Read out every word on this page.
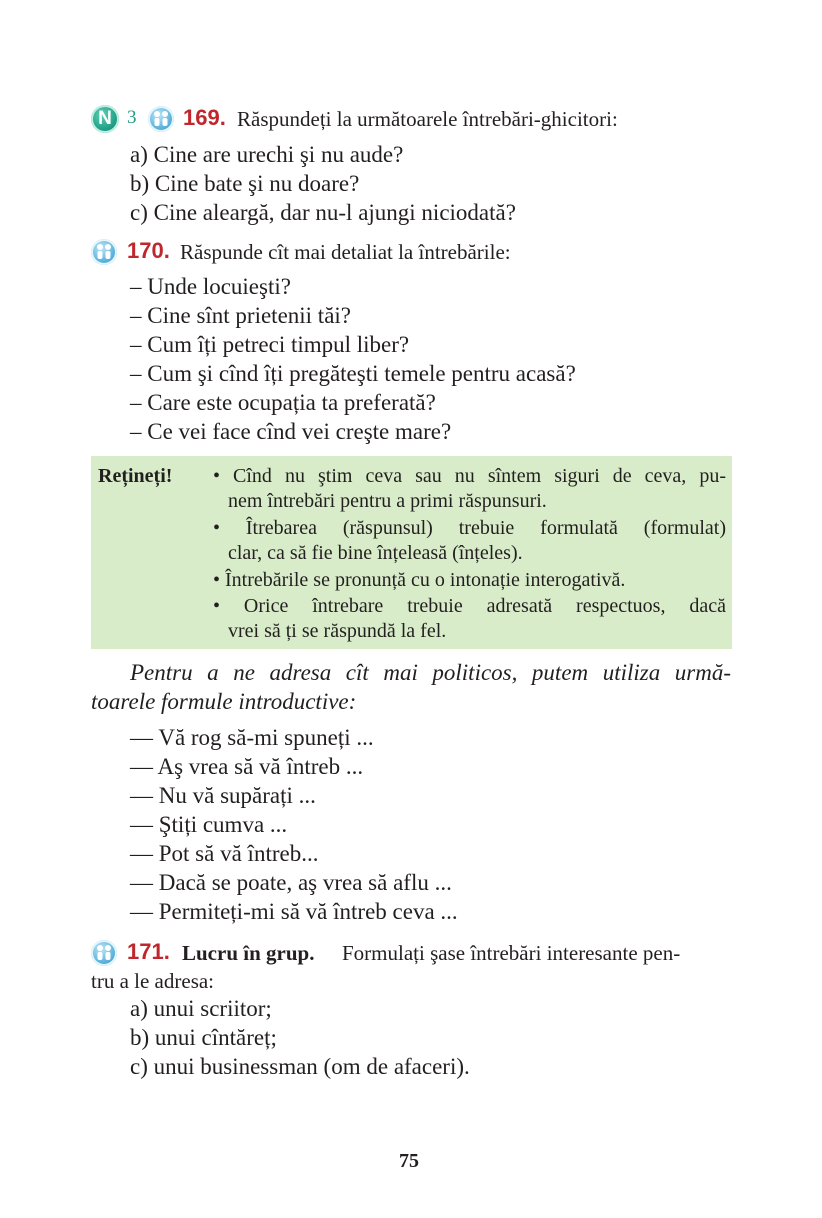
N 3 169. Răspundeți la următoarele întrebări-ghicitori:
a) Cine are urechi şi nu aude?
b) Cine bate şi nu doare?
c) Cine aleargă, dar nu-l ajungi niciodată?
170. Răspunde cît mai detaliat la întrebările:
– Unde locuieşti?
– Cine sînt prietenii tăi?
– Cum îți petreci timpul liber?
– Cum şi cînd îți pregăteşti temele pentru acasă?
– Care este ocupația ta preferată?
– Ce vei face cînd vei creşte mare?
Rețineți! • Cînd nu ştim ceva sau nu sîntem siguri de ceva, pu-
nem întrebări pentru a primi răspunsuri.
• Îtrebarea (răspunsul) trebuie formulată (formulat)
clar, ca să fie bine înțeleasă (înțeles).
• Întrebările se pronunță cu o intonație interogativă.
• Orice întrebare trebuie adresată respectuos, dacă
vrei să ți se răspundă la fel.
Pentru a ne adresa cît mai politicos, putem utiliza urmă-
toarele formule introductive:
— Vă rog să-mi spuneți ...
— Aş vrea să vă întreb ...
— Nu vă supărați ...
— Ştiți cumva ...
— Pot să vă întreb...
— Dacă se poate, aş vrea să aflu ...
— Permiteți-mi să vă întreb ceva ...
171. Lucru în grup. Formulați şase întrebări interesante pen-
tru a le adresa:
a) unui scriitor;
b) unui cîntăreț;
c) unui businessman (om de afaceri).
75
